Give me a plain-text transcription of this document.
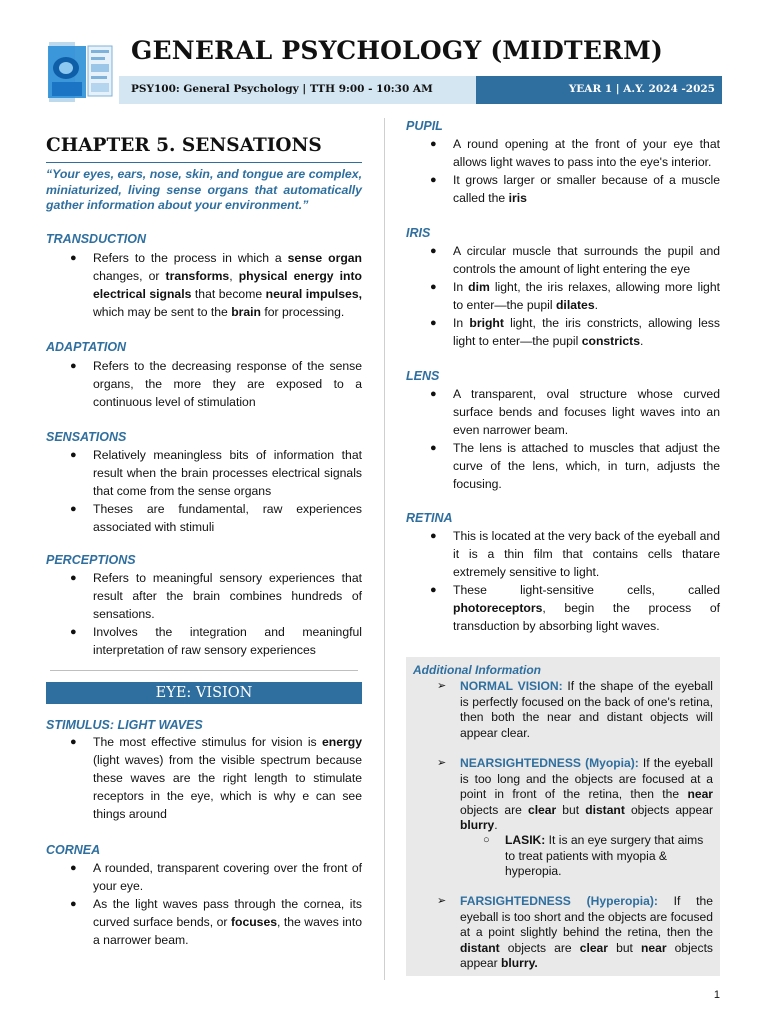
GENERAL PSYCHOLOGY (MIDTERM)
PSY100: General Psychology | TTH 9:00 - 10:30 AM	YEAR 1 | A.Y. 2024 -2025
CHAPTER 5. SENSATIONS

“Your eyes, ears, nose, skin, and tongue are complex, miniaturized, living sense organs that automatically gather information about your environment.”

TRANSDUCTION

● Refers to the process in which a sense organ changes, or transforms, physical energy into electrical signals that become neural impulses, which may be sent to the brain for processing.

ADAPTATION

● Refers to the decreasing response of the sense organs, the more they are exposed to a continuous level of stimulation

SENSATIONS

● Relatively meaningless bits of information that result when the brain processes electrical signals that come from the sense organs
● Theses are fundamental, raw experiences associated with stimuli

PERCEPTIONS

● Refers to meaningful sensory experiences that result after the brain combines hundreds of sensations.
● Involves the integration and meaningful interpretation of raw sensory experiences
EYE: VISION

STIMULUS: LIGHT WAVES

● The most effective stimulus for vision is energy (light waves) from the visible spectrum because these waves are the right length to stimulate receptors in the eye, which is why e can see things around

CORNEA

● A rounded, transparent covering over the front of your eye.
● As the light waves pass through the cornea, its curved surface bends, or focuses, the waves into a narrower beam.

PUPIL

● A round opening at the front of your eye that allows light waves to pass into the eye's interior.
● It grows larger or smaller because of a muscle called the iris

IRIS

● A circular muscle that surrounds the pupil and controls the amount of light entering the eye
● In dim light, the iris relaxes, allowing more light to enter—the pupil dilates.
● In bright light, the iris constricts, allowing less light to enter—the pupil constricts.

LENS

● A transparent, oval structure whose curved surface bends and focuses light waves into an even narrower beam.
● The lens is attached to muscles that adjust the curve of the lens, which, in turn, adjusts the focusing.

RETINA

● This is located at the very back of the eyeball and it is a thin film that contains cells thatare extremely sensitive to light.
● These light-sensitive cells, called photoreceptors, begin the process of transduction by absorbing light waves.
Additional Information
➢ NORMAL VISION: If the shape of the eyeball is perfectly focused on the back of one's retina, then both the near and distant objects will appear clear.
➢ NEARSIGHTEDNESS (Myopia): If the eyeball is too long and the objects are focused at a point in front of the retina, then the near objects are clear but distant objects appear blurry.
○ LASIK: It is an eye surgery that aims to treat patients with myopia & hyperopia.
➢ FARSIGHTEDNESS (Hyperopia): If the eyeball is too short and the objects are focused at a point slightly behind the retina, then the distant objects are clear but near objects appear blurry.
1
